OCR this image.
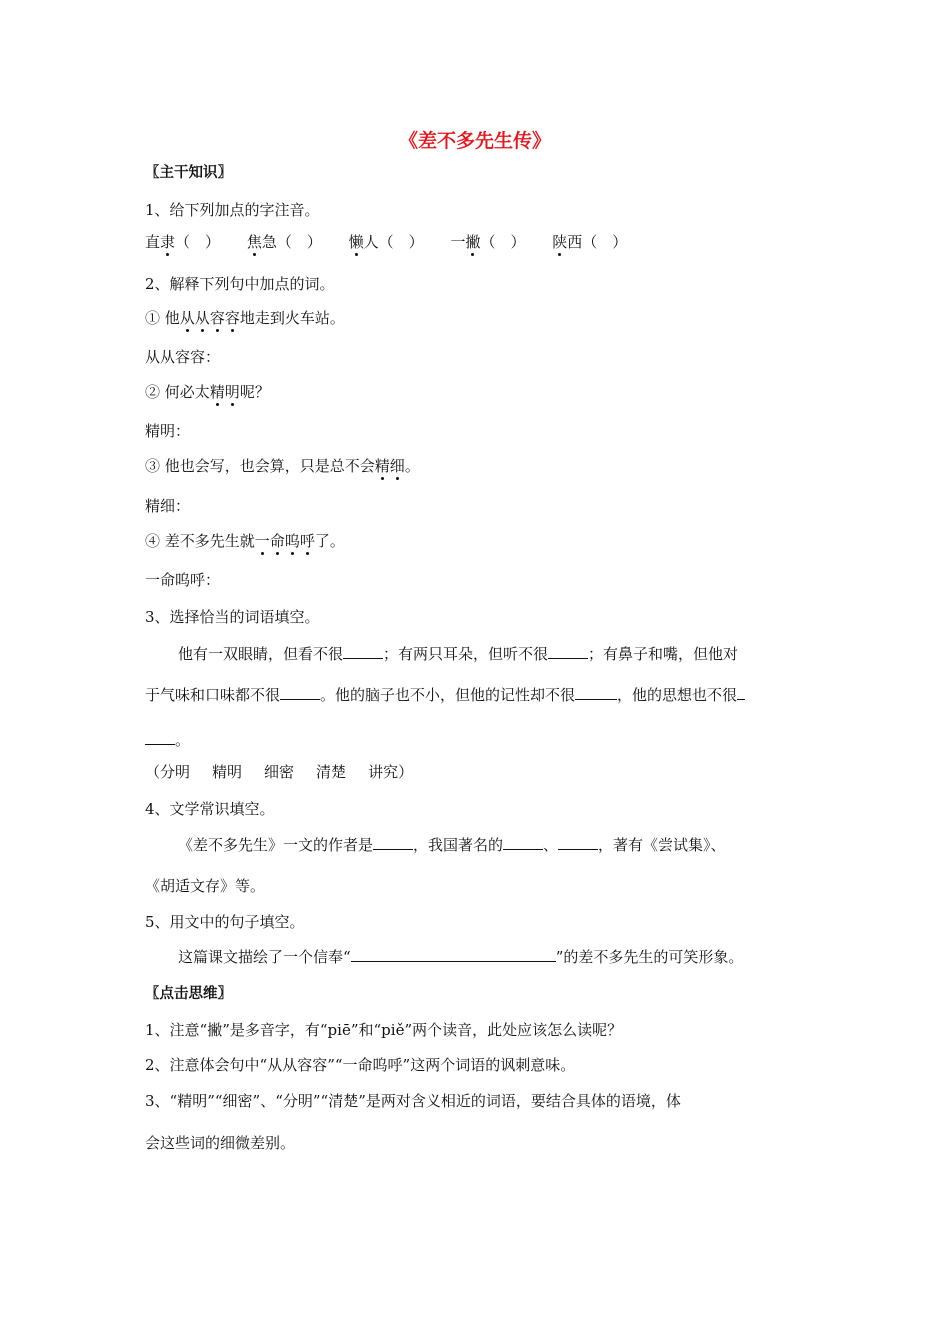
《差不多先生传》
〖主干知识〗
1、给下列加点的字注音。
直隶（　） 焦急（　） 懒人（　） 一撇（　） 陕西（　）
2、解释下列句中加点的词。
① 他从从容容地走到火车站。
从从容容：
② 何必太精明呢？
精明：
③ 他也会写，也会算，只是总不会精细。
精细：
④ 差不多先生就一命呜呼了。
一命呜呼：
3、选择恰当的词语填空。
他有一双眼睛，但看不很	；有两只耳朵，但听不很	；有鼻子和嘴，但他对
于气味和口味都不很	。他的脑子也不小，但他的记性却不很	，他的思想也不很
。
（分明 精明 细密 清楚 讲究）
4、文学常识填空。
《差不多先生》一文的作者是	，我国著名的	、	，著有《尝试集》、
《胡适文存》等。
5、用文中的句子填空。
这篇课文描绘了一个信奉“	”的差不多先生的可笑形象。
〖点击思维〗
1、注意“撇”是多音字，有“piē”和“piě”两个读音，此处应该怎么读呢？
2、注意体会句中“从从容容”“一命呜呼”这两个词语的讽刺意味。
3、“精明”“细密”、“分明”“清楚”是两对含义相近的词语，要结合具体的语境，体
会这些词的细微差别。
